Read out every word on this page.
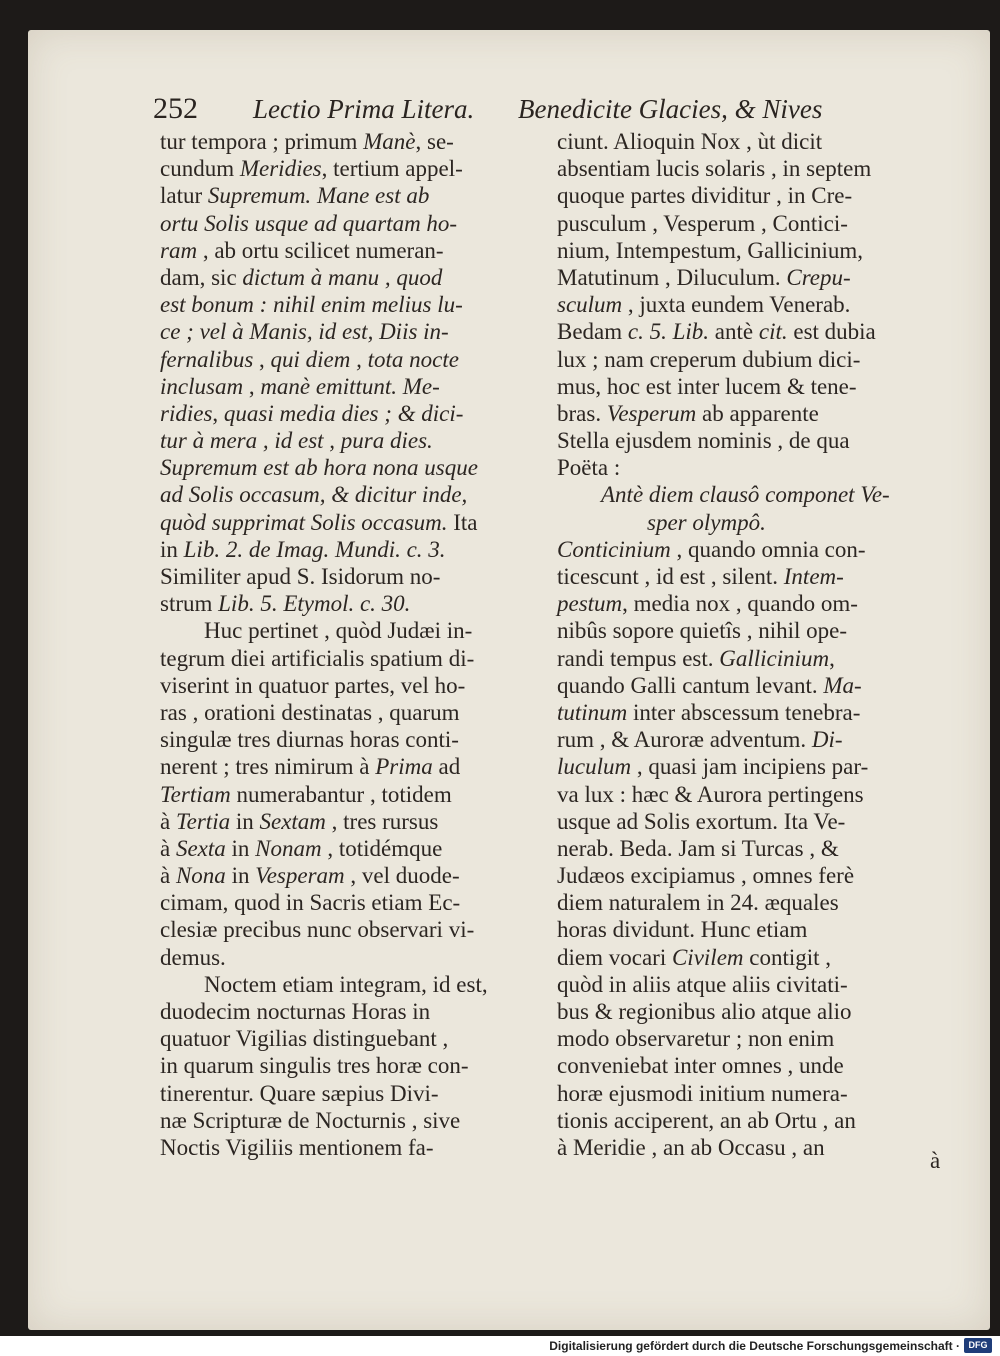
252 Lectio Prima Litera. Benedicite Glacies, & Nives
tur tempora ; primum Manè, se-
cundum Meridies, tertium appel-
latur Supremum. Mane est ab
ortu Solis usque ad quartam ho-
ram , ab ortu scilicet numeran-
dam, sic dictum à manu , quod
est bonum : nihil enim melius lu-
ce ; vel à Manis, id est, Diis in-
fernalibus , qui diem , tota nocte
inclusam , manè emittunt. Me-
ridies, quasi media dies ; & dici-
tur à mera , id est , pura dies.
Supremum est ab hora nona usque
ad Solis occasum, & dicitur inde,
quòd supprimat Solis occasum. Ita
in Lib. 2. de Imag. Mundi. c. 3.
Similiter apud S. Isidorum no-
strum Lib. 5. Etymol. c. 30.
Huc pertinet , quòd Judæi in-
tegrum diei artificialis spatium di-
viserint in quatuor partes, vel ho-
ras , orationi destinatas , quarum
singulæ tres diurnas horas conti-
nerent ; tres nimirum à Prima ad
Tertiam numerabantur , totidem
à Tertia in Sextam , tres rursus
à Sexta in Nonam , totidémque
à Nona in Vesperam , vel duode-
cimam, quod in Sacris etiam Ec-
clesiæ precibus nunc observari vi-
demus.
Noctem etiam integram, id est,
duodecim nocturnas Horas in
quatuor Vigilias distinguebant ,
in quarum singulis tres horæ con-
tinerentur. Quare sæpius Divi-
næ Scripturæ de Nocturnis , sive
Noctis Vigiliis mentionem fa-
ciunt. Alioquin Nox , ùt dicit
absentiam lucis solaris , in septem
quoque partes dividitur , in Cre-
pusculum , Vesperum , Contici-
nium, Intempestum, Gallicinium,
Matutinum , Diluculum. Crepu-
sculum , juxta eundem Venerab.
Bedam c. 5. Lib. antè cit. est dubia
lux ; nam creperum dubium dici-
mus, hoc est inter lucem & tene-
bras. Vesperum ab apparente
Stella ejusdem nominis , de qua
Poëta :
Antè diem clausô componet Ve-
sper olympô.
Conticinium , quando omnia con-
ticescunt , id est , silent. Intem-
pestum, media nox , quando om-
nibûs sopore quietîs , nihil ope-
randi tempus est. Gallicinium,
quando Galli cantum levant. Ma-
tutinum inter abscessum tenebra-
rum , & Auroræ adventum. Di-
luculum , quasi jam incipiens par-
va lux : hæc & Aurora pertingens
usque ad Solis exortum. Ita Ve-
nerab. Beda. Jam si Turcas , &
Judæos excipiamus , omnes ferè
diem naturalem in 24. æquales
horas dividunt. Hunc etiam
diem vocari Civilem contigit ,
quòd in aliis atque aliis civitati-
bus & regionibus alio atque alio
modo observaretur ; non enim
conveniebat inter omnes , unde
horæ ejusmodi initium numera-
tionis acciperent, an ab Ortu , an
à Meridie , an ab Occasu , an
à
Digitalisierung gefördert durch die Deutsche Forschungsgemeinschaft · DFG
